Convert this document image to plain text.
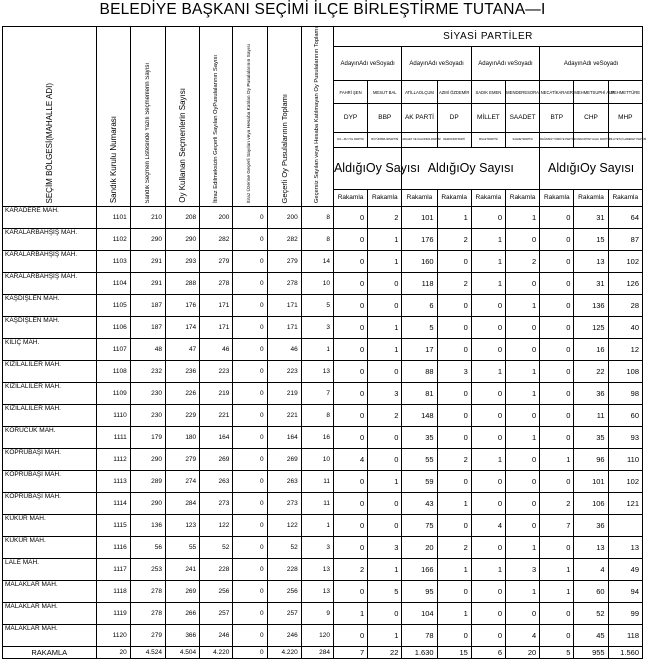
BELEDİYE BAŞKANI SEÇİMİ İLÇE BİRLEŞTİRME TUTANA—I
SEÇİM BÖLGESİ(MAHALLE ADI)	Sandık Kurulu Numarası	Sandık Seçmen Listesinde Yazılı Seçmenlerin Sayısı	Oy Kullanan Seçmenlerin Sayısı	İtiraz Edilmeksizin Geçerli Sayılan OyPusulalarının Sayısı	İtiraz Üzerine Geçerli Sayılan veya Hesaba Katılan Oy Pusulalarının Sayısı	Geçerli Oy Pusulalarının Toplamı	Geçersiz Sayılan veya Hesaba Katılmayan Oy Pusulalarının Toplamı	SİYASİ PARTİLER								
								AdayınAdı veSoyadı		AdayınAdı veSoyadı		AdayınAdı veSoyadı		AdayınAdı veSoyadı		
								FAHRİ ŞEN	MESUT BAL	ATİLLAOLÇUM	AZMİ ÖZDEMİR	SADIK EMEN	MENDERESORA	NECATİKARAER	MEHMETSUPHİ ALP	MEHMETTÜRE
								DYP	BBP	AK PARTİ	DP	MİLLET	SAADET	BTP	CHP	MHP
								DO—RU YOL PARTİSİ	BÜYÜKBİRLİKPARTİSİ	ADALET VE KALKINMA PARTİSİ	DEMOKRATPARTİ	MİLLETPARTİSİ	SAADETPARTİSİ	BAĞIMSIZ TÜRKİYE PARTİSİ	CUMHURİYET HALK PARTİSİ	MİLLİYETÇİ HAREKET PARTİSİ
								AldığıOy Sayısı		AldığıOy Sayısı				AldığıOy Sayısı		
								Rakamla	Rakamla	Rakamla	Rakamla	Rakamla	Rakamla	Rakamla	Rakamla	Rakamla
KARADERE MAH.	1101	210	208	200	0	200	8	0	2	101	1	0	1	0	31	64
KARALARBAHŞİŞ MAH.	1102	290	290	282	0	282	8	0	1	176	2	1	0	0	15	87
KARALARBAHŞİŞ MAH.	1103	291	293	279	0	279	14	0	1	160	0	1	2	0	13	102
KARALARBAHŞİŞ MAH.	1104	291	288	278	0	278	10	0	0	118	2	1	0	0	31	126
KAŞDİŞLEN MAH.	1105	187	176	171	0	171	5	0	0	6	0	0	1	0	136	28
KAŞDİŞLEN MAH.	1106	187	174	171	0	171	3	0	1	5	0	0	0	0	125	40
KILIÇ MAH.	1107	48	47	46	0	46	1	0	1	17	0	0	0	0	16	12
KIZILALİLER MAH.	1108	232	236	223	0	223	13	0	0	88	3	1	1	0	22	108
KIZILALİLER MAH.	1109	230	226	219	0	219	7	0	3	81	0	0	1	0	36	98
KIZILALİLER MAH.	1110	230	229	221	0	221	8	0	2	148	0	0	0	0	11	60
KORUCUK MAH.	1111	179	180	164	0	164	16	0	0	35	0	0	1	0	35	93
KÖPRÜBAŞI MAH.	1112	290	279	269	0	269	10	4	0	55	2	1	0	1	96	110
KÖPRÜBAŞI MAH.	1113	289	274	263	0	263	11	0	1	59	0	0	0	0	101	102
KÖPRÜBAŞI MAH.	1114	290	284	273	0	273	11	0	0	43	1	0	0	2	106	121
KÜKÜR MAH.	1115	136	123	122	0	122	1	0	0	75	0	4	0	7	36	
KÜKÜR MAH.	1116	56	55	52	0	52	3	0	3	20	2	0	1	0	13	13
LALE MAH.	1117	253	241	228	0	228	13	2	1	166	1	1	3	1	4	49
MALAKLAR MAH.	1118	278	269	256	0	256	13	0	5	95	0	0	1	1	60	94
MALAKLAR MAH.	1119	278	266	257	0	257	9	1	0	104	1	0	0	0	52	99
MALAKLAR MAH.	1120	279	366	246	0	246	120	0	1	78	0	0	4	0	45	118
RAKAMLA	20	4.524	4.504	4.220	0	4.220	284	7	22	1.630	15	6	20	5	955	1.560
